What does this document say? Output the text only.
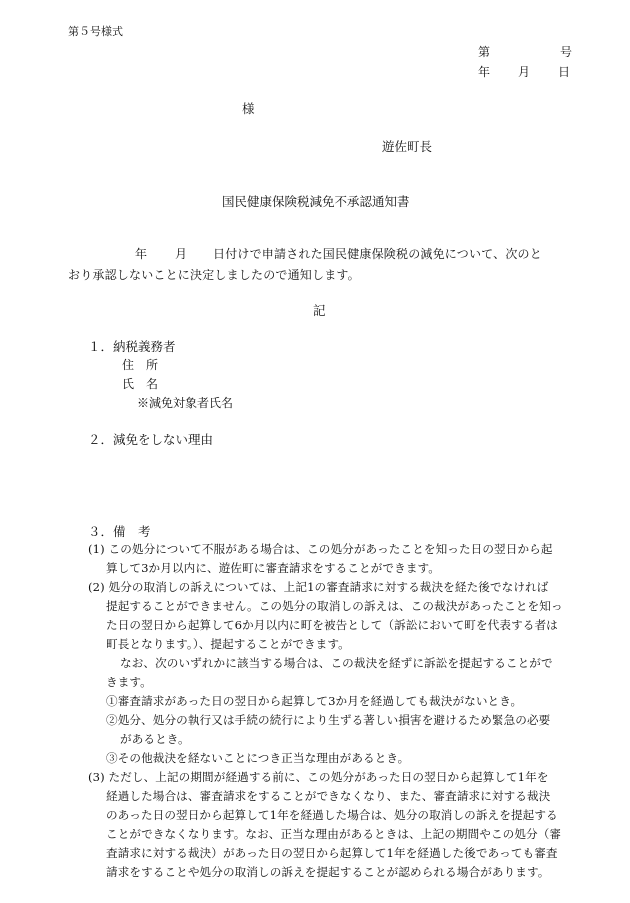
第５号様式
第	号
年 月 日
様
遊佐町長
国民健康保険税減免不承認通知書
年 月 日付けで申請された国民健康保険税の減免について、次のと
おり承認しないことに決定しましたので通知します。
記
１．納税義務者
住　所
氏　名
※減免対象者氏名
２．減免をしない理由
３．備　考
(1) この処分について不服がある場合は、この処分があったことを知った日の翌日から起
算して3か月以内に、遊佐町に審査請求をすることができます。
(2) 処分の取消しの訴えについては、上記1の審査請求に対する裁決を経た後でなければ
提起することができません。この処分の取消しの訴えは、この裁決があったことを知っ
た日の翌日から起算して6か月以内に町を被告として（訴訟において町を代表する者は
町長となります。）、提起することができます。
なお、次のいずれかに該当する場合は、この裁決を経ずに訴訟を提起することがで
きます。
①審査請求があった日の翌日から起算して3か月を経過しても裁決がないとき。
②処分、処分の執行又は手続の続行により生ずる著しい損害を避けるため緊急の必要
があるとき。
③その他裁決を経ないことにつき正当な理由があるとき。
(3) ただし、上記の期間が経過する前に、この処分があった日の翌日から起算して1年を
経過した場合は、審査請求をすることができなくなり、また、審査請求に対する裁決
のあった日の翌日から起算して1年を経過した場合は、処分の取消しの訴えを提起する
ことができなくなります。なお、正当な理由があるときは、上記の期間やこの処分（審
査請求に対する裁決）があった日の翌日から起算して1年を経過した後であっても審査
請求をすることや処分の取消しの訴えを提起することが認められる場合があります。
